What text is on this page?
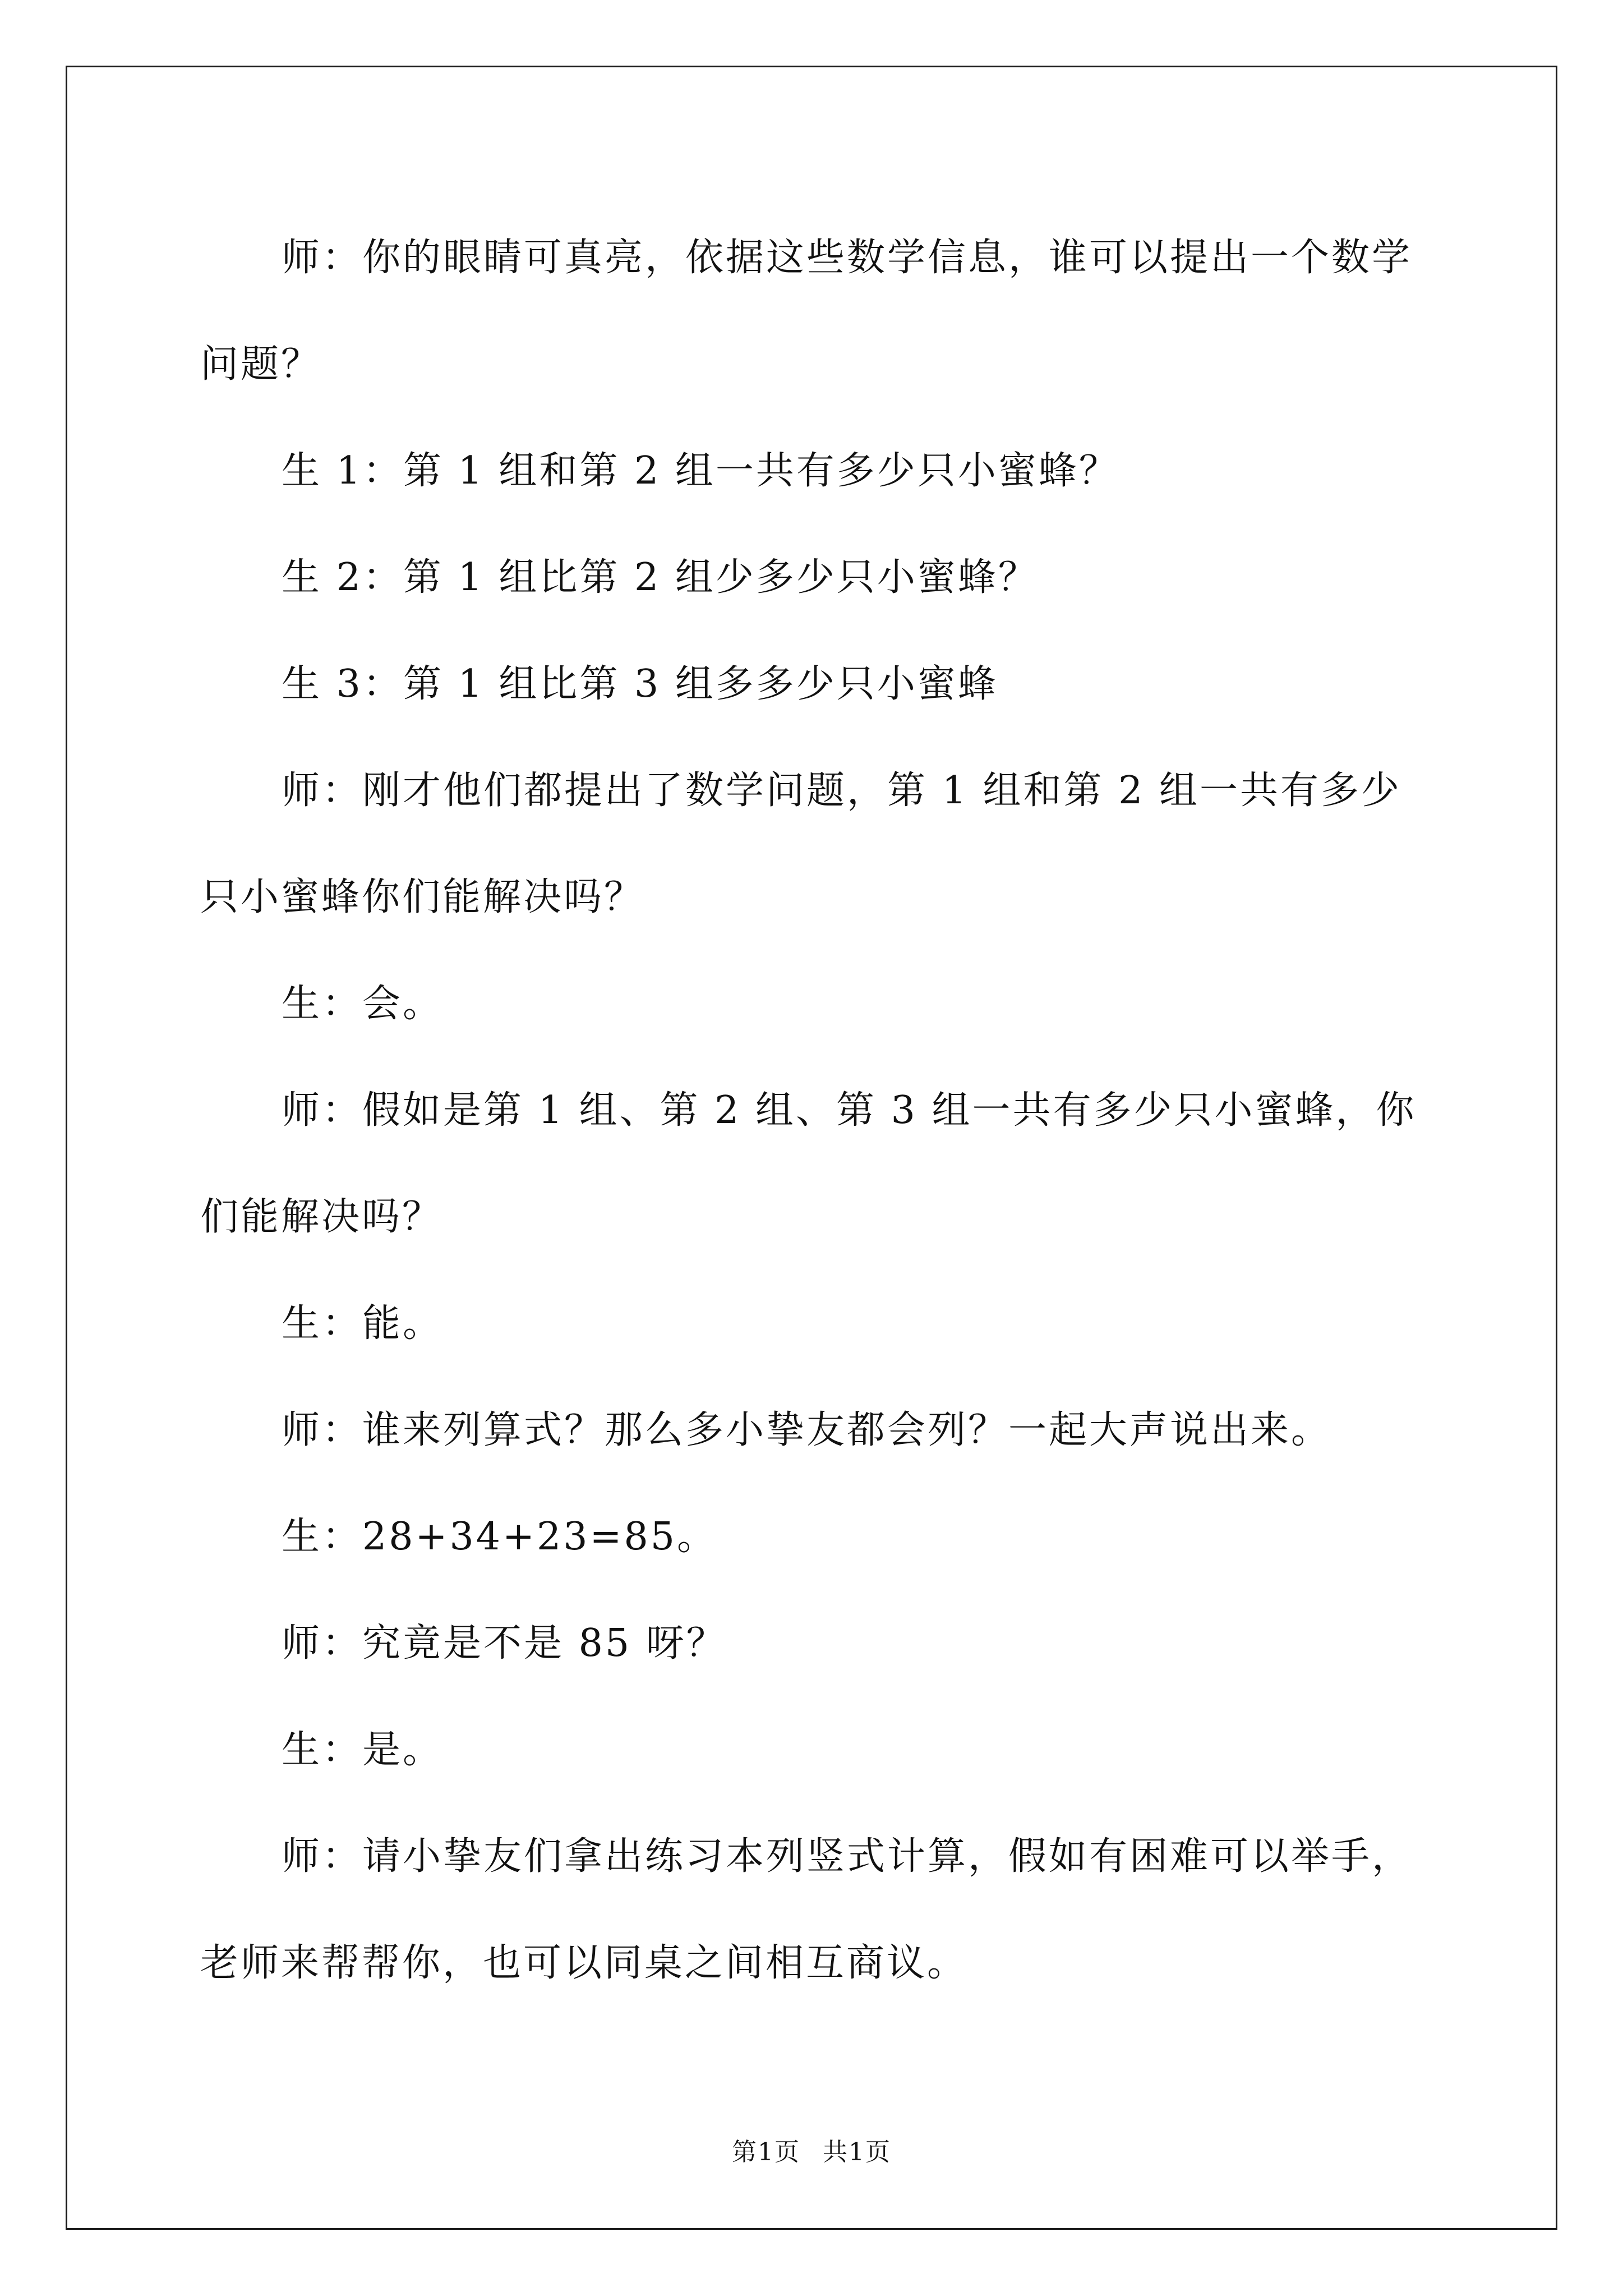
师：你的眼睛可真亮，依据这些数学信息，谁可以提出一个数学问题？

生 1：第 1 组和第 2 组一共有多少只小蜜蜂？

生 2：第 1 组比第 2 组少多少只小蜜蜂？

生 3：第 1 组比第 3 组多多少只小蜜蜂

师：刚才他们都提出了数学问题，第 1 组和第 2 组一共有多少只小蜜蜂你们能解决吗？

生：会。

师：假如是第 1 组、第 2 组、第 3 组一共有多少只小蜜蜂，你们能解决吗？

生：能。

师：谁来列算式？那么多小挚友都会列？一起大声说出来。

生：28+34+23=85。

师：究竟是不是 85 呀？

生：是。

师：请小挚友们拿出练习本列竖式计算，假如有困难可以举手，老师来帮帮你，也可以同桌之间相互商议。

第1页 共1页
